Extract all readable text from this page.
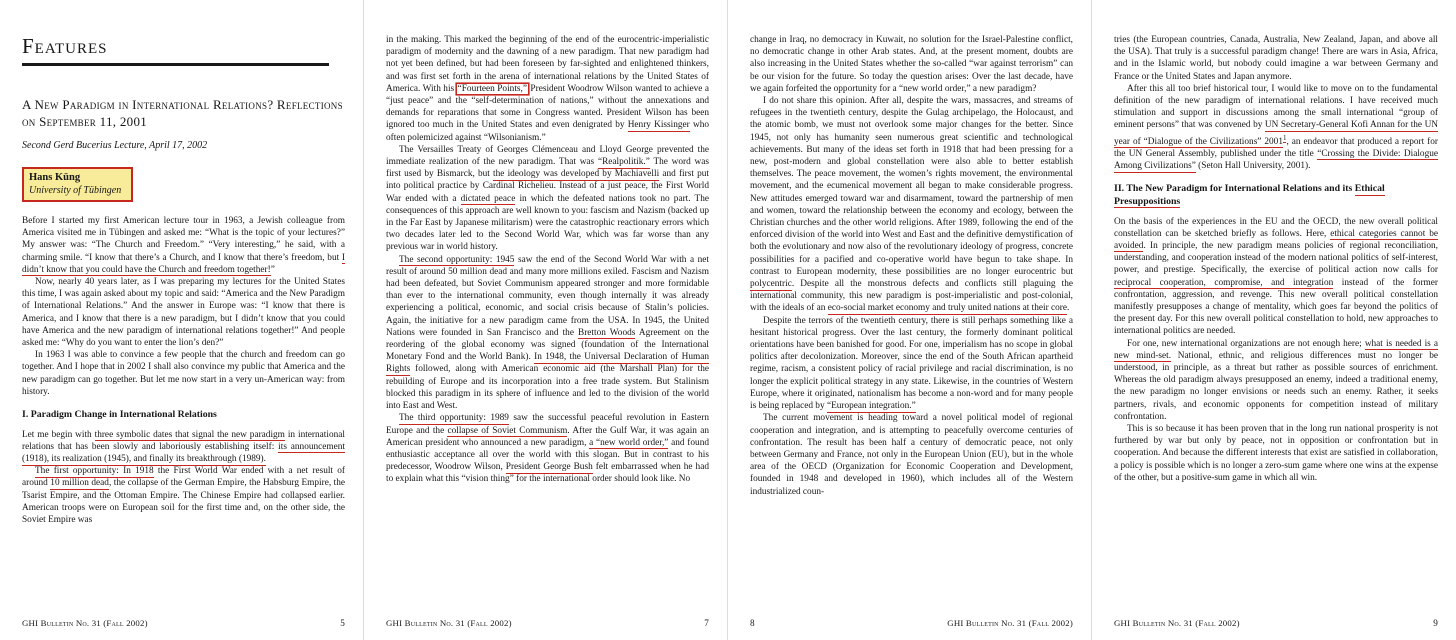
Features
A New Paradigm in International Relations? Reflections on September 11, 2001
Second Gerd Bucerius Lecture, April 17, 2002
Hans Küng
University of Tübingen

Before I started my first American lecture tour in 1963, a Jewish colleague from America visited me in Tübingen and asked me: “What is the topic of your lectures?” My answer was: “The Church and Freedom.” “Very interesting,” he said, with a charming smile. “I know that there’s a Church, and I know that there’s freedom, but I didn’t know that you could have the Church and freedom together!”

Now, nearly 40 years later, as I was preparing my lectures for the United States this time, I was again asked about my topic and said: “America and the New Paradigm of International Relations.” And the answer in Europe was: “I know that there is America, and I know that there is a new paradigm, but I didn’t know that you could have America and the new paradigm of international relations together!” And people asked me: “Why do you want to enter the lion’s den?”

In 1963 I was able to convince a few people that the church and freedom can go together. And I hope that in 2002 I shall also convince my public that America and the new paradigm can go together. But let me now start in a very un-American way: from history.

I. Paradigm Change in International Relations

Let me begin with three symbolic dates that signal the new paradigm in international relations that has been slowly and laboriously establishing itself: its announcement (1918), its realization (1945), and finally its breakthrough (1989).

The first opportunity: In 1918 the First World War ended with a net result of around 10 million dead, the collapse of the German Empire, the Habsburg Empire, the Tsarist Empire, and the Ottoman Empire. The Chinese Empire had collapsed earlier. American troops were on European soil for the first time and, on the other side, the Soviet Empire was

GHI Bulletin No. 31 (Fall 2002)	5

in the making. This marked the beginning of the end of the eurocentric-imperialistic paradigm of modernity and the dawning of a new paradigm. That new paradigm had not yet been defined, but had been foreseen by far-sighted and enlightened thinkers, and was first set forth in the arena of international relations by the United States of America. With his “Fourteen Points,” President Woodrow Wilson wanted to achieve a “just peace” and the “self-determination of nations,” without the annexations and demands for reparations that some in Congress wanted. President Wilson has been ignored too much in the United States and even denigrated by Henry Kissinger who often polemicized against “Wilsonianism.”

The Versailles Treaty of Georges Clémenceau and Lloyd George prevented the immediate realization of the new paradigm. That was “Realpolitik.” The word was first used by Bismarck, but the ideology was developed by Machiavelli and first put into political practice by Cardinal Richelieu. Instead of a just peace, the First World War ended with a dictated peace in which the defeated nations took no part. The consequences of this approach are well known to you: fascism and Nazism (backed up in the Far East by Japanese militarism) were the catastrophic reactionary errors which two decades later led to the Second World War, which was far worse than any previous war in world history.

The second opportunity: 1945 saw the end of the Second World War with a net result of around 50 million dead and many more millions exiled. Fascism and Nazism had been defeated, but Soviet Communism appeared stronger and more formidable than ever to the international community, even though internally it was already experiencing a political, economic, and social crisis because of Stalin’s policies. Again, the initiative for a new paradigm came from the USA. In 1945, the United Nations were founded in San Francisco and the Bretton Woods Agreement on the reordering of the global economy was signed (foundation of the International Monetary Fond and the World Bank). In 1948, the Universal Declaration of Human Rights followed, along with American economic aid (the Marshall Plan) for the rebuilding of Europe and its incorporation into a free trade system. But Stalinism blocked this paradigm in its sphere of influence and led to the division of the world into East and West.

The third opportunity: 1989 saw the successful peaceful revolution in Eastern Europe and the collapse of Soviet Communism. After the Gulf War, it was again an American president who announced a new paradigm, a “new world order,” and found enthusiastic acceptance all over the world with this slogan. But in contrast to his predecessor, Woodrow Wilson, President George Bush felt embarrassed when he had to explain what this “vision thing” for the international order should look like. No

GHI Bulletin No. 31 (Fall 2002)	7

change in Iraq, no democracy in Kuwait, no solution for the Israel-Palestine conflict, no democratic change in other Arab states. And, at the present moment, doubts are also increasing in the United States whether the so-called “war against terrorism” can be our vision for the future. So today the question arises: Over the last decade, have we again forfeited the opportunity for a “new world order,” a new paradigm?

I do not share this opinion. After all, despite the wars, massacres, and streams of refugees in the twentieth century, despite the Gulag archipelago, the Holocaust, and the atomic bomb, we must not overlook some major changes for the better. Since 1945, not only has humanity seen numerous great scientific and technological achievements. But many of the ideas set forth in 1918 that had been pressing for a new, post-modern and global constellation were also able to better establish themselves. The peace movement, the women’s rights movement, the environmental movement, and the ecumenical movement all began to make considerable progress. New attitudes emerged toward war and disarmament, toward the partnership of men and women, toward the relationship between the economy and ecology, between the Christian churches and the other world religions. After 1989, following the end of the enforced division of the world into West and East and the definitive demystification of both the evolutionary and now also of the revolutionary ideology of progress, concrete possibilities for a pacified and co-operative world have begun to take shape. In contrast to European modernity, these possibilities are no longer eurocentric but polycentric. Despite all the monstrous defects and conflicts still plaguing the international community, this new paradigm is post-imperialistic and post-colonial, with the ideals of an eco-social market economy and truly united nations at their core.

Despite the terrors of the twentieth century, there is still perhaps something like a hesitant historical progress. Over the last century, the formerly dominant political orientations have been banished for good. For one, imperialism has no scope in global politics after decolonization. Moreover, since the end of the South African apartheid regime, racism, a consistent policy of racial privilege and racial discrimination, is no longer the explicit political strategy in any state. Likewise, in the countries of Western Europe, where it originated, nationalism has become a non-word and for many people is being replaced by “European integration.”

The current movement is heading toward a novel political model of regional cooperation and integration, and is attempting to peacefully overcome centuries of confrontation. The result has been half a century of democratic peace, not only between Germany and France, not only in the European Union (EU), but in the whole area of the OECD (Organization for Economic Cooperation and Development, founded in 1948 and developed in 1960), which includes all of the Western industrialized coun-

8	GHI Bulletin No. 31 (Fall 2002)

tries (the European countries, Canada, Australia, New Zealand, Japan, and above all the USA). That truly is a successful paradigm change! There are wars in Asia, Africa, and in the Islamic world, but nobody could imagine a war between Germany and France or the United States and Japan anymore.

After this all too brief historical tour, I would like to move on to the fundamental definition of the new paradigm of international relations. I have received much stimulation and support in discussions among the small international “group of eminent persons” that was convened by UN Secretary-General Kofi Annan for the UN year of “Dialogue of the Civilizations” 2001$^1$, an endeavor that produced a report for the UN General Assembly, published under the title “Crossing the Divide: Dialogue Among Civilizations” (Seton Hall University, 2001).

II. The New Paradigm for International Relations and its Ethical Presuppositions

On the basis of the experiences in the EU and the OECD, the new overall political constellation can be sketched briefly as follows. Here, ethical categories cannot be avoided. In principle, the new paradigm means policies of regional reconciliation, understanding, and cooperation instead of the modern national politics of self-interest, power, and prestige. Specifically, the exercise of political action now calls for reciprocal cooperation, compromise, and integration instead of the former confrontation, aggression, and revenge. This new overall political constellation manifestly presupposes a change of mentality, which goes far beyond the politics of the present day. For this new overall political constellation to hold, new approaches to international politics are needed.

For one, new international organizations are not enough here; what is needed is a new mind-set. National, ethnic, and religious differences must no longer be understood, in principle, as a threat but rather as possible sources of enrichment. Whereas the old paradigm always presupposed an enemy, indeed a traditional enemy, the new paradigm no longer envisions or needs such an enemy. Rather, it seeks partners, rivals, and economic opponents for competition instead of military confrontation.

This is so because it has been proven that in the long run national prosperity is not furthered by war but only by peace, not in opposition or confrontation but in cooperation. And because the different interests that exist are satisfied in collaboration, a policy is possible which is no longer a zero-sum game where one wins at the expense of the other, but a positive-sum game in which all win.

GHI Bulletin No. 31 (Fall 2002)	9
